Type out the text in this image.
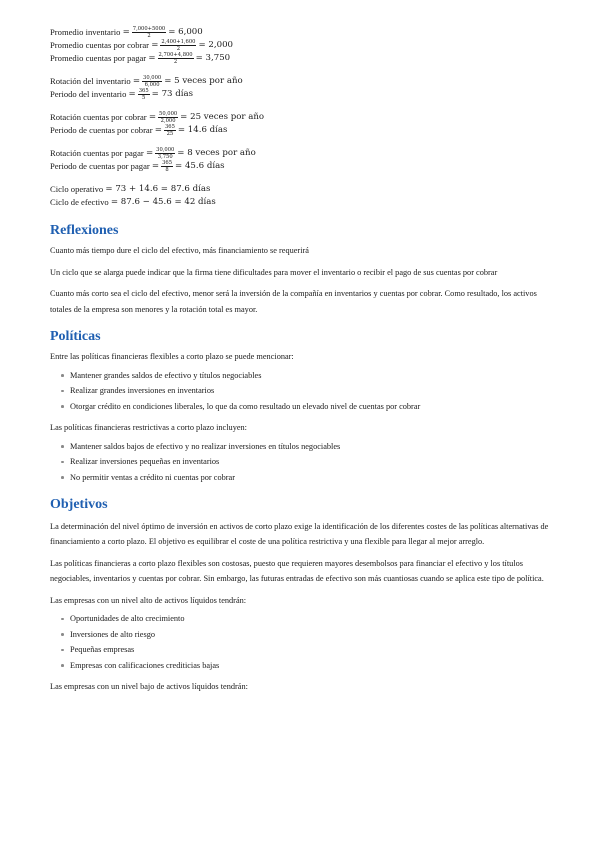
Promedio inventario
= $\frac{7,000+5000}{2} = 6,000$
Promedio cuentas por cobrar
= $\frac{2,400+1,600}{2} = 2,000$
Promedio cuentas por pagar
= $\frac{2,700+4,800}{2} = 3,750$
Rotación del inventario
= $\frac{30,000}{6,000} = 5$ veces por año
Periodo del inventario
= $\frac{365}{5} = 73$ días
Rotación cuentas por cobrar
= $\frac{50,000}{2,000} = 25$ veces por año
Periodo de cuentas por cobrar
= $\frac{365}{25} = 14.6$ días
Rotación cuentas por pagar
= $\frac{30,000}{3,750} = 8$ veces por año
Periodo de cuentas por pagar
= $\frac{365}{8} = 45.6$ días
Ciclo operativo
= 73 + 14.6 = 87.6 días
Ciclo de efectivo
= 87.6 − 45.6 = 42 días
Reflexiones

Cuanto más tiempo dure el ciclo del efectivo, más financiamiento se requerirá

Un ciclo que se alarga puede indicar que la firma tiene dificultades para mover el inventario o recibir el pago de sus cuentas por cobrar

Cuanto más corto sea el ciclo del efectivo, menor será la inversión de la compañía en inventarios y cuentas por cobrar. Como resultado, los activos totales de la empresa son menores y la rotación total es mayor.

Políticas

Entre las políticas financieras flexibles a corto plazo se puede mencionar:

Mantener grandes saldos de efectivo y títulos negociables
Realizar grandes inversiones en inventarios
Otorgar crédito en condiciones liberales, lo que da como resultado un elevado nivel de cuentas por cobrar

Las políticas financieras restrictivas a corto plazo incluyen:

Mantener saldos bajos de efectivo y no realizar inversiones en títulos negociables
Realizar inversiones pequeñas en inventarios
No permitir ventas a crédito ni cuentas por cobrar
Objetivos

La determinación del nivel óptimo de inversión en activos de corto plazo exige la identificación de los diferentes costes de las políticas alternativas de financiamiento a corto plazo. El objetivo es equilibrar el coste de una política restrictiva y una flexible para llegar al mejor arreglo.

Las políticas financieras a corto plazo flexibles son costosas, puesto que requieren mayores desembolsos para financiar el efectivo y los títulos negociables, inventarios y cuentas por cobrar. Sin embargo, las futuras entradas de efectivo son más cuantiosas cuando se aplica este tipo de política.

Las empresas con un nivel alto de activos líquidos tendrán:

Oportunidades de alto crecimiento
Inversiones de alto riesgo
Pequeñas empresas
Empresas con calificaciones crediticias bajas

Las empresas con un nivel bajo de activos líquidos tendrán:
